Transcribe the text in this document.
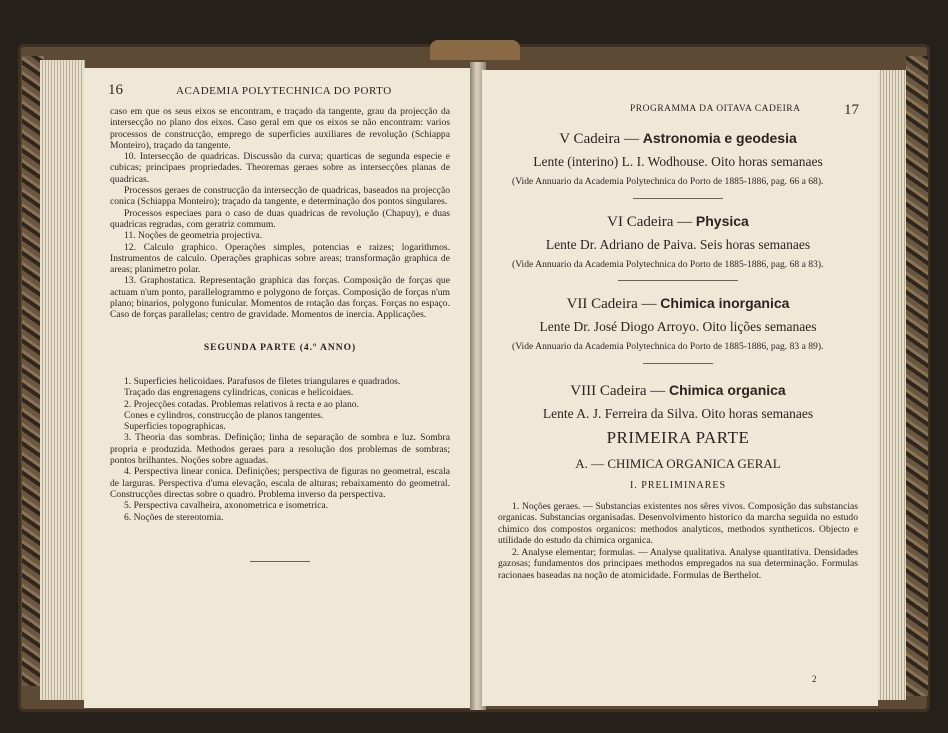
16	ACADEMIA POLYTECHNICA DO PORTO

caso em que os seus eixos se encontram, e traçado da tangente, grau da projecção da intersecção no plano dos eixos. Caso geral em que os eixos se não encontram: varios processos de construcção, emprego de superficies auxiliares de revolução (Schiappa Monteiro), traçado da tangente.

10. Intersecção de quadricas. Discussão da curva; quarticas de segunda especie e cubicas; principaes propriedades. Theoremas geraes sobre as intersecções planas de quadricas.

Processos geraes de construcção da intersecção de quadricas, baseados na projecção conica (Schiappa Monteiro); traçado da tangente, e determinação dos pontos singulares.

Processos especiaes para o caso de duas quadricas de revolução (Chapuy), e duas quadricas regradas, com geratriz commum.

11. Noções de geometria projectiva.

12. Calculo graphico. Operações simples, potencias e raizes; logarithmos. Instrumentos de calculo. Operações graphicas sobre areas; transformação graphica de areas; planimetro polar.

13. Graphostatica. Representação graphica das forças. Composição de forças que actuam n'um ponto, parallelogrammo e polygono de forças. Composição de forças n'um plano; binarios, polygono funicular. Momentos de rotação das forças. Forças no espaço. Caso de forças parallelas; centro de gravidade. Momentos de inercia. Applicações.

SEGUNDA PARTE (4.º ANNO)

1. Superficies helicoidaes. Parafusos de filetes triangulares e quadrados.

Traçado das engrenagens cylindricas, conicas e helicoidaes.

2. Projecções cotadas. Problemas relativos à recta e ao plano.

Cones e cylindros, construcção de planos tangentes.

Superficies topographicas.

3. Theoria das sombras. Definição; linha de separação de sombra e luz. Sombra propria e produzida. Methodos geraes para a resolução dos problemas de sombras; pontos brilhantes. Noções sobre aguadas.

4. Perspectiva linear conica. Definições; perspectiva de figuras no geometral, escala de larguras. Perspectiva d'uma elevação, escala de alturas; rebaixamento do geometral. Construcções directas sobre o quadro. Problema inverso da perspectiva.

5. Perspectiva cavalheira, axonometrica e isometrica.

6. Noções de stereotomia.

PROGRAMMA DA OITAVA CADEIRA	17
V Cadeira — Astronomia e geodesia
Lente (interino) L. I. Wodhouse. Oito horas semanaes

(Vide Annuario da Academia Polytechnica do Porto de 1885-1886, pag. 66 a 68).

VI Cadeira — Physica
Lente Dr. Adriano de Paiva. Seis horas semanaes

(Vide Annuario da Academia Polytechnica do Porto de 1885-1886, pag. 68 a 83).

VII Cadeira — Chimica inorganica
Lente Dr. José Diogo Arroyo. Oito lições semanaes

(Vide Annuario da Academia Polytechnica do Porto de 1885-1886, pag. 83 a 89).

VIII Cadeira — Chimica organica
Lente A. J. Ferreira da Silva. Oito horas semanaes
PRIMEIRA PARTE
A. — CHIMICA ORGANICA GERAL
I. PRELIMINARES

1. Noções geraes. — Substancias existentes nos sêres vivos. Composição das substancias organicas. Substancias organisadas. Desenvolvimento historico da marcha seguida no estudo chimico dos compostos organicos: methodos analyticos, methodos syntheticos. Objecto e utilidade do estudo da chimica organica.

2. Analyse elementar; formulas. — Analyse qualitativa. Analyse quantitativa. Densidades gazosas; fundamentos dos principaes methodos empregados na sua determinação. Formulas racionaes baseadas na noção de atomicidade. Formulas de Berthelot.

2
